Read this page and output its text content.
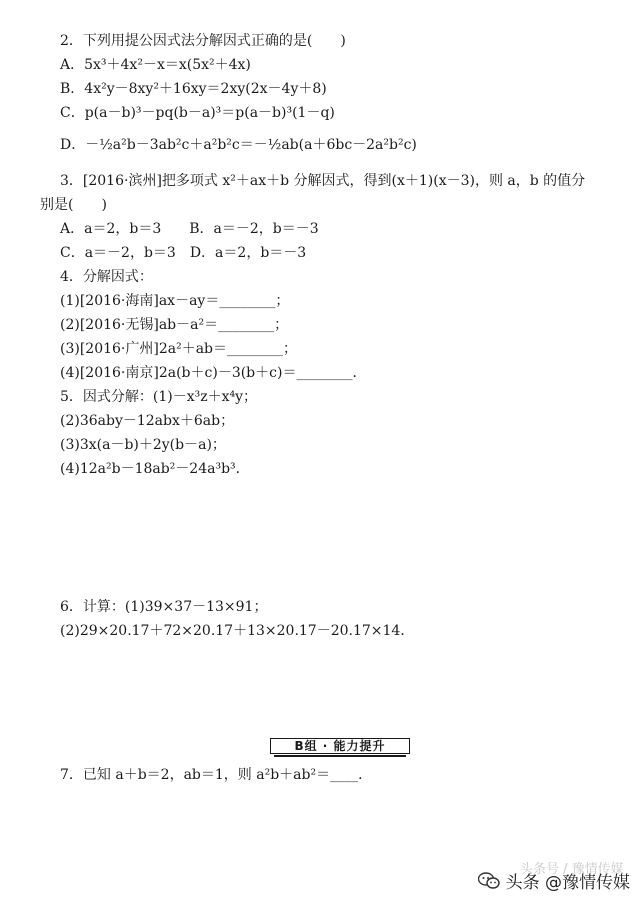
2．下列用提公因式法分解因式正确的是(　　)
A．5x³＋4x²－x＝x(5x²＋4x)
B．4x²y－8xy²＋16xy＝2xy(2x－4y＋8)
C．p(a－b)³－pq(b－a)³＝p(a－b)³(1－q)
D．－½a²b－3ab²c＋a²b²c＝－½ab(a＋6bc－2a²b²c)
3．[2016·滨州]把多项式 x²＋ax＋b 分解因式，得到(x＋1)(x－3)，则 a，b 的值分
别是(　　)
A．a＝2，b＝3　　B．a＝－2，b＝－3
C．a＝－2，b＝3　D．a＝2，b＝－3
4．分解因式：
(1)[2016·海南]ax－ay＝________；
(2)[2016·无锡]ab－a²＝________；
(3)[2016·广州]2a²＋ab＝________；
(4)[2016·南京]2a(b＋c)－3(b＋c)＝________．
5．因式分解：(1)－x³z＋x⁴y；
(2)36aby－12abx＋6ab；
(3)3x(a－b)＋2y(b－a)；
(4)12a²b－18ab²－24a³b³．
6．计算：(1)39×37－13×91；
(2)29×20.17＋72×20.17＋13×20.17－20.17×14．
B组 · 能力提升
7．已知 a＋b＝2，ab＝1，则 a²b＋ab²＝____．
头条号 / 豫情传媒
头条 @豫情传媒
